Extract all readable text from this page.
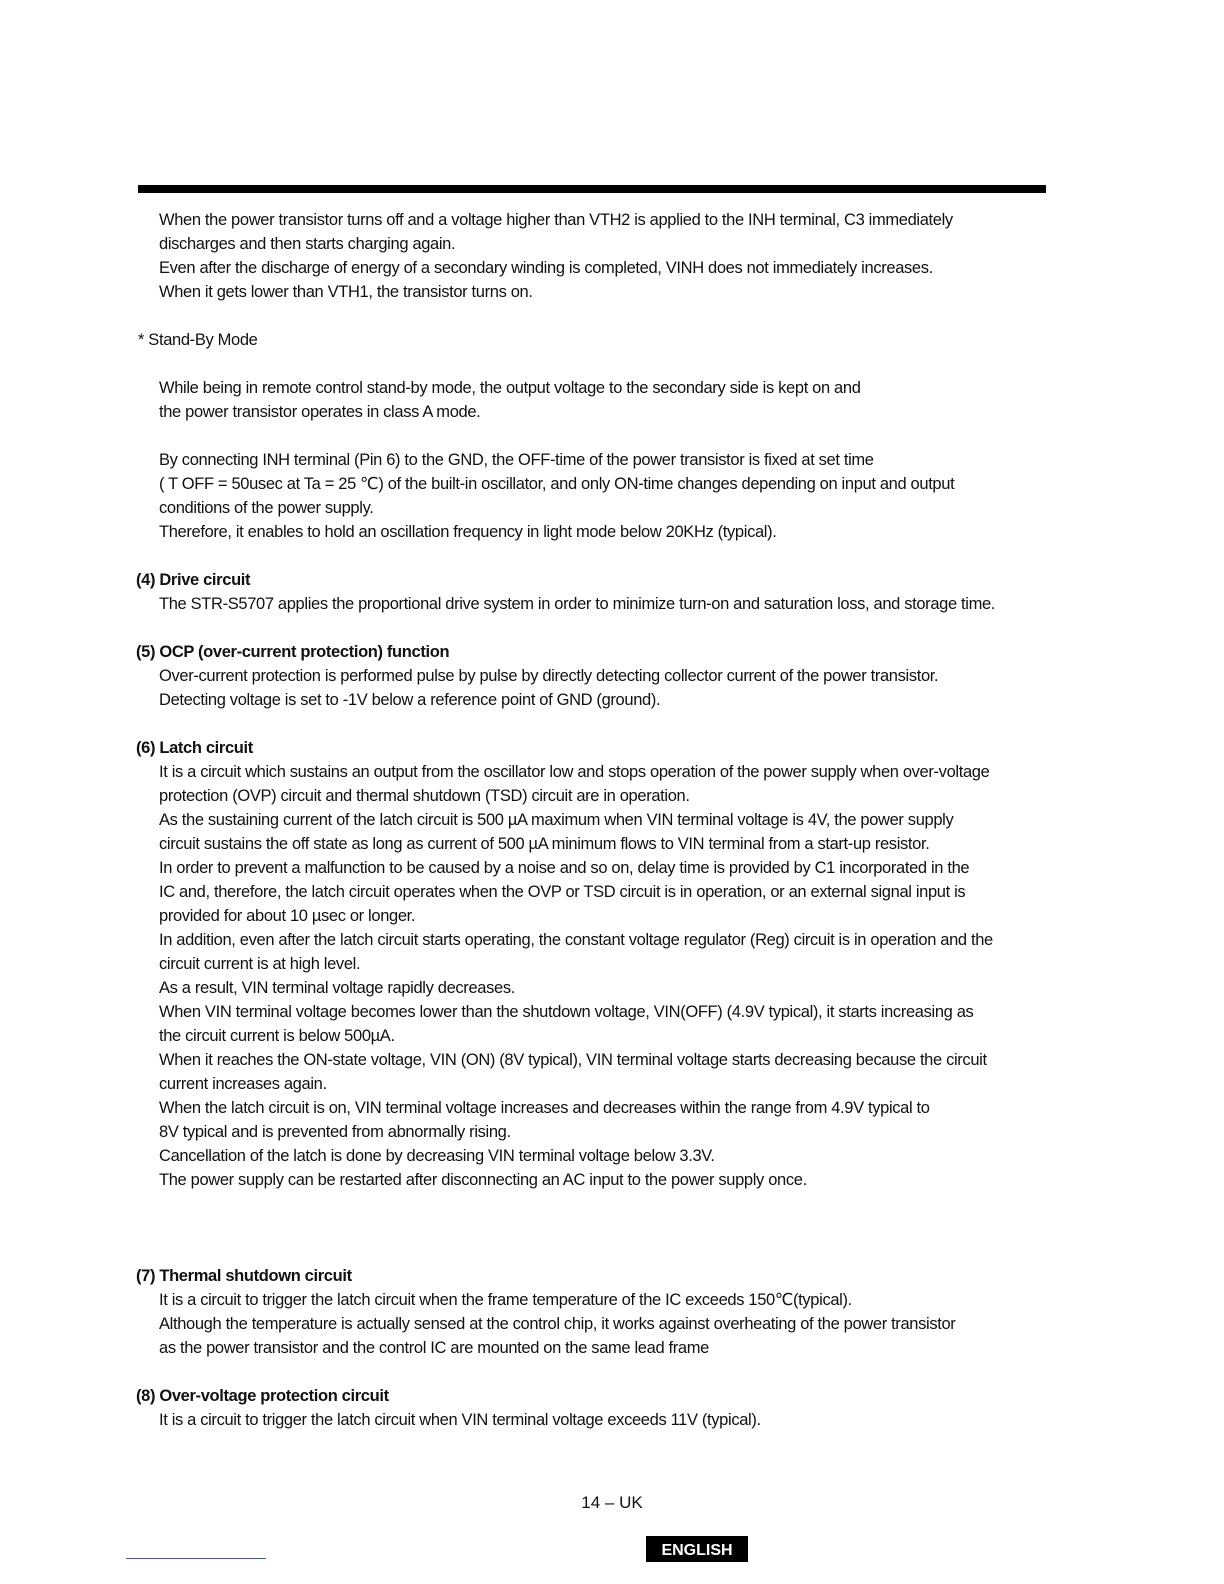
When the power transistor turns off and a voltage higher than VTH2 is applied to the INH terminal, C3 immediately
discharges and then starts charging again.
Even after the discharge of energy of a secondary winding is completed, VINH does not immediately increases.
When it gets lower than VTH1, the transistor turns on.
* Stand-By Mode
While being in remote control stand-by mode, the output voltage to the secondary side is kept on and
the power transistor operates in class A mode.
By connecting INH terminal (Pin 6) to the GND, the OFF-time of the power transistor is fixed at set time
( T OFF = 50usec at Ta = 25 ℃) of the built-in oscillator, and only ON-time changes depending on input and output
conditions of the power supply.
Therefore, it enables to hold an oscillation frequency in light mode below 20KHz (typical).
(4) Drive circuit
The STR-S5707 applies the proportional drive system in order to minimize turn-on and saturation loss, and storage time.
(5) OCP (over-current protection) function
Over-current protection is performed pulse by pulse by directly detecting collector current of the power transistor.
Detecting voltage is set to -1V below a reference point of GND (ground).
(6) Latch circuit
It is a circuit which sustains an output from the oscillator low and stops operation of the power supply when over-voltage
protection (OVP) circuit and thermal shutdown (TSD) circuit are in operation.
As the sustaining current of the latch circuit is 500 µA maximum when VIN terminal voltage is 4V, the power supply
circuit sustains the off state as long as current of 500 µA minimum flows to VIN terminal from a start-up resistor.
In order to prevent a malfunction to be caused by a noise and so on, delay time is provided by C1 incorporated in the
IC and, therefore, the latch circuit operates when the OVP or TSD circuit is in operation, or an external signal input is
provided for about 10 µsec or longer.
In addition, even after the latch circuit starts operating, the constant voltage regulator (Reg) circuit is in operation and the
circuit current is at high level.
As a result, VIN terminal voltage rapidly decreases.
When VIN terminal voltage becomes lower than the shutdown voltage, VIN(OFF) (4.9V typical), it starts increasing as
the circuit current is below 500µA.
When it reaches the ON-state voltage, VIN (ON) (8V typical), VIN terminal voltage starts decreasing because the circuit
current increases again.
When the latch circuit is on, VIN terminal voltage increases and decreases within the range from 4.9V typical to
8V typical and is prevented from abnormally rising.
Cancellation of the latch is done by decreasing VIN terminal voltage below 3.3V.
The power supply can be restarted after disconnecting an AC input to the power supply once.
(7) Thermal shutdown circuit
It is a circuit to trigger the latch circuit when the frame temperature of the IC exceeds 150℃(typical).
Although the temperature is actually sensed at the control chip, it works against overheating of the power transistor
as the power transistor and the control IC are mounted on the same lead frame
(8) Over-voltage protection circuit
It is a circuit to trigger the latch circuit when VIN terminal voltage exceeds 11V (typical).
14 – UK
ENGLISH
